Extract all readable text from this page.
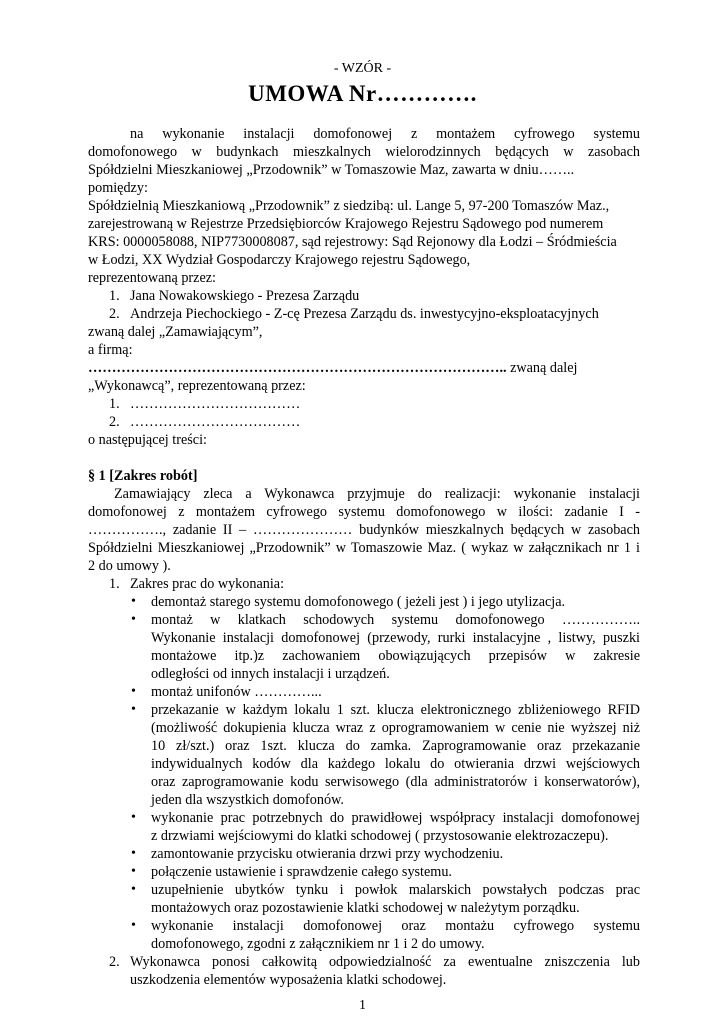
- WZÓR -
UMOWA Nr………….
na wykonanie instalacji domofonowej z montażem cyfrowego systemu
domofonowego w budynkach mieszkalnych wielorodzinnych będących w zasobach
Spółdzielni Mieszkaniowej „Przodownik” w Tomaszowie Maz, zawarta w dniu……..
pomiędzy:
Spółdzielnią Mieszkaniową „Przodownik” z siedzibą: ul. Lange 5, 97-200 Tomaszów Maz.,
zarejestrowaną w Rejestrze Przedsiębiorców Krajowego Rejestru Sądowego pod numerem
KRS: 0000058088, NIP7730008087, sąd rejestrowy: Sąd Rejonowy dla Łodzi – Śródmieścia
w Łodzi, XX Wydział Gospodarczy Krajowego rejestru Sądowego,
reprezentowaną przez:
1. Jana Nowakowskiego - Prezesa Zarządu
2. Andrzeja Piechockiego - Z-cę Prezesa Zarządu ds. inwestycyjno-eksploatacyjnych
zwaną dalej „Zamawiającym”,
a firmą:
…………………………………………………………………………….. zwaną dalej
„Wykonawcą”, reprezentowaną przez:
1. ………………………………
2. ………………………………
o następującej treści:
§ 1 [Zakres robót]
Zamawiający zleca a Wykonawca przyjmuje do realizacji: wykonanie instalacji
domofonowej z montażem cyfrowego systemu domofonowego w ilości: zadanie I -
……………., zadanie II – ………………… budynków mieszkalnych będących w zasobach
Spółdzielni Mieszkaniowej „Przodownik” w Tomaszowie Maz. ( wykaz w załącznikach nr 1 i
2 do umowy ).
1. Zakres prac do wykonania:
• demontaż starego systemu domofonowego ( jeżeli jest ) i jego utylizacja.
• montaż w klatkach schodowych systemu domofonowego ……………..
Wykonanie instalacji domofonowej (przewody, rurki instalacyjne , listwy, puszki
montażowe itp.)z zachowaniem obowiązujących przepisów w zakresie
odległości od innych instalacji i urządzeń.
• montaż unifonów …………...
• przekazanie w każdym lokalu 1 szt. klucza elektronicznego zbliżeniowego RFID
(możliwość dokupienia klucza wraz z oprogramowaniem w cenie nie wyższej niż
10 zł/szt.) oraz 1szt. klucza do zamka. Zaprogramowanie oraz przekazanie
indywidualnych kodów dla każdego lokalu do otwierania drzwi wejściowych
oraz zaprogramowanie kodu serwisowego (dla administratorów i konserwatorów),
jeden dla wszystkich domofonów.
• wykonanie prac potrzebnych do prawidłowej współpracy instalacji domofonowej
z drzwiami wejściowymi do klatki schodowej ( przystosowanie elektrozaczepu).
• zamontowanie przycisku otwierania drzwi przy wychodzeniu.
• połączenie ustawienie i sprawdzenie całego systemu.
• uzupełnienie ubytków tynku i powłok malarskich powstałych podczas prac
montażowych oraz pozostawienie klatki schodowej w należytym porządku.
• wykonanie instalacji domofonowej oraz montażu cyfrowego systemu
domofonowego, zgodni z załącznikiem nr 1 i 2 do umowy.
2. Wykonawca ponosi całkowitą odpowiedzialność za ewentualne zniszczenia lub
uszkodzenia elementów wyposażenia klatki schodowej.
1
